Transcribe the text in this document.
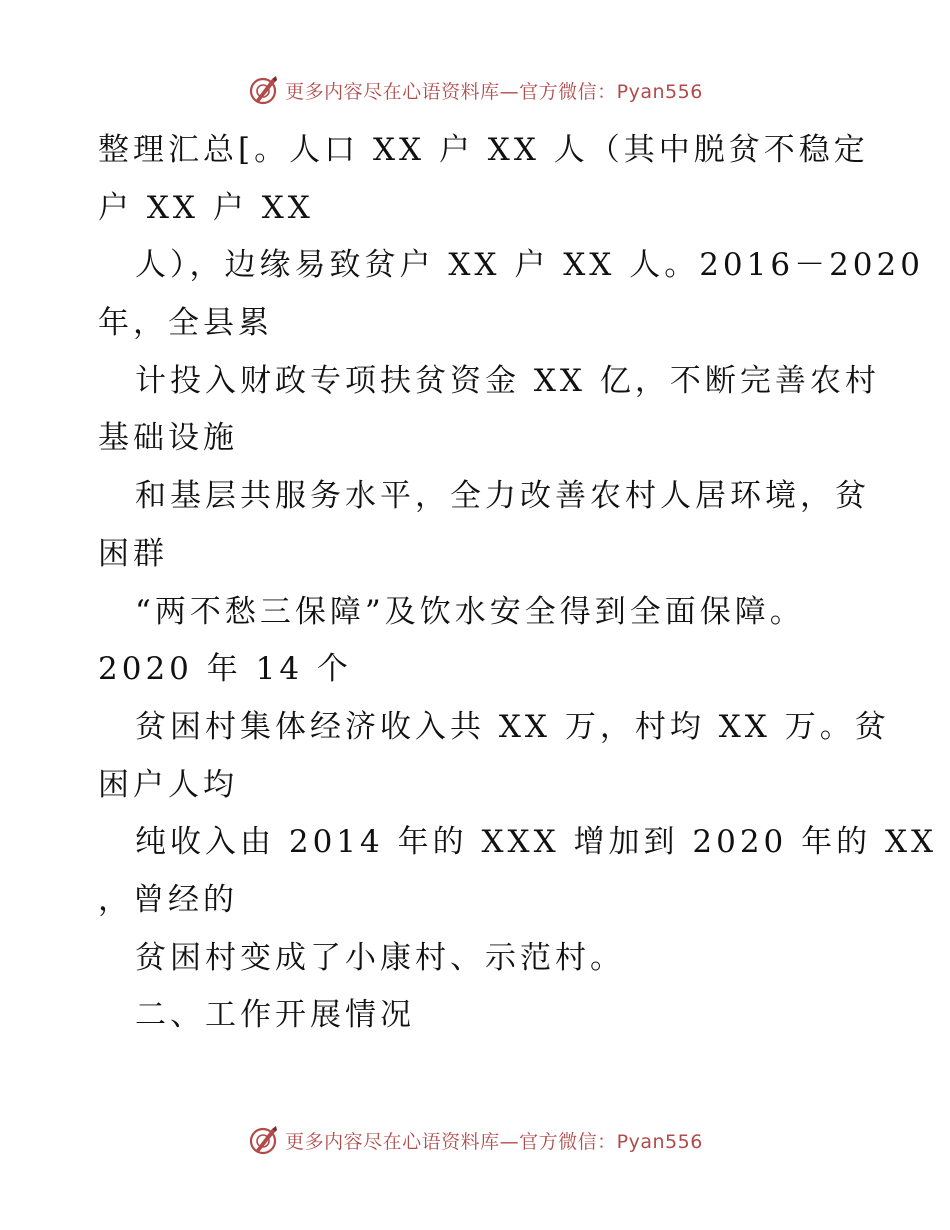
更多内容尽在心语资料库—官方微信：Pyan556
整理汇总[。人口 XX 户 XX 人（其中脱贫不稳定
户 XX 户 XX
人），边缘易致贫户 XX 户 XX 人。2016－2020
年，全县累
计投入财政专项扶贫资金 XX 亿，不断完善农村
基础设施
和基层共服务水平，全力改善农村人居环境，贫
困群
“两不愁三保障”及饮水安全得到全面保障。
2020 年 14 个
贫困村集体经济收入共 XX 万，村均 XX 万。贫
困户人均
纯收入由 2014 年的 XXX 增加到 2020 年的 XX
，曾经的
贫困村变成了小康村、示范村。
二、工作开展情况
更多内容尽在心语资料库—官方微信：Pyan556
